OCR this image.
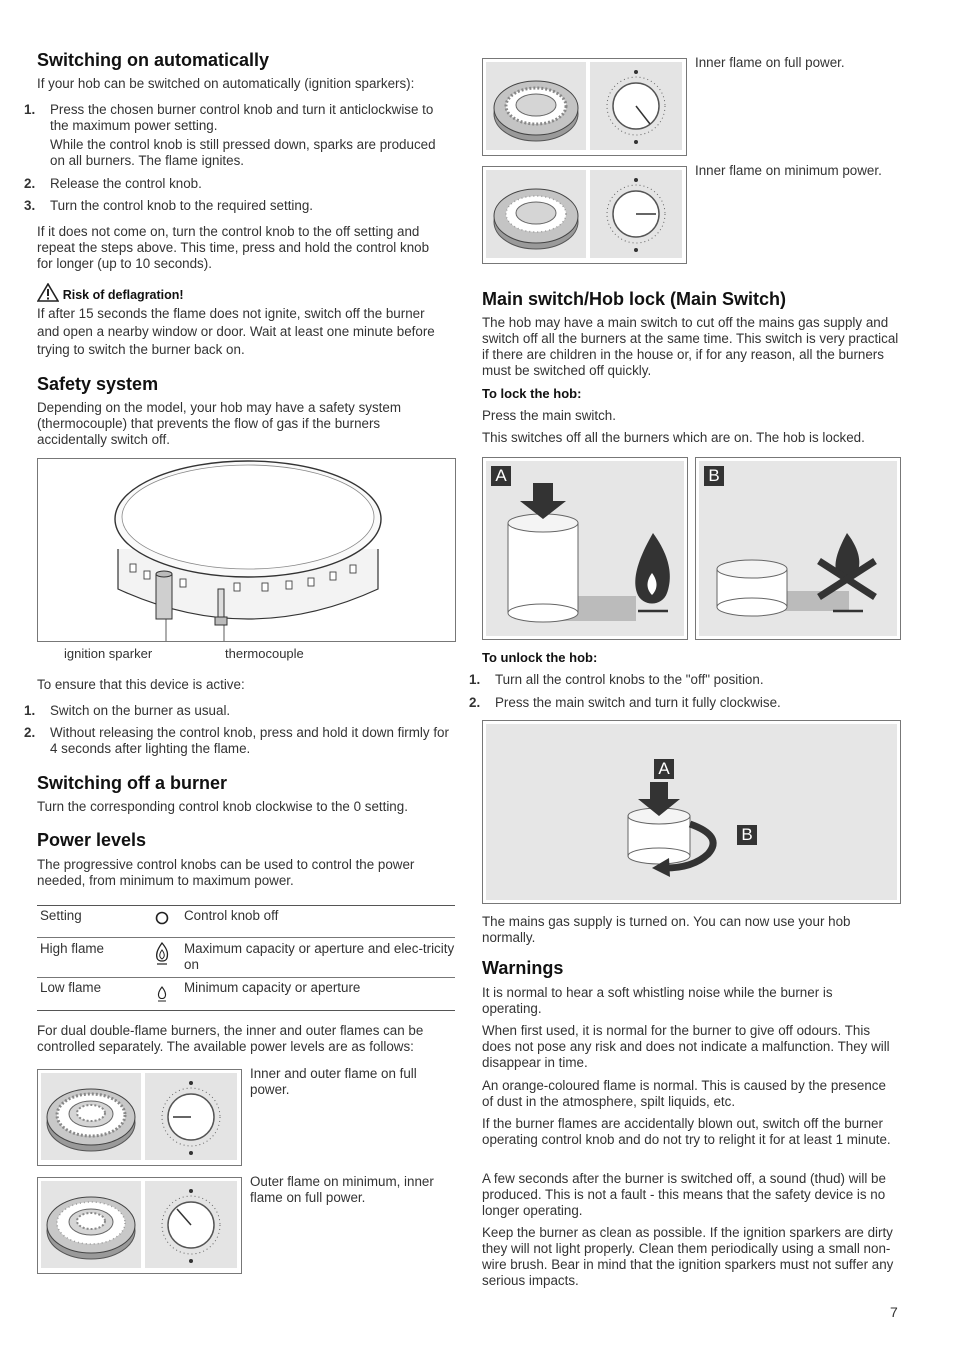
Switching on automatically

If your hob can be switched on automatically (ignition sparkers):

1. Press the chosen burner control knob and turn it anticlockwise to the maximum power setting.

While the control knob is still pressed down, sparks are produced on all burners. The flame ignites.

2. Release the control knob.
3. Turn the control knob to the required setting.

If it does not come on, turn the control knob to the off setting and repeat the steps above. This time, press and hold the control knob for longer (up to 10 seconds).

Risk of deflagration!

If after 15 seconds the flame does not ignite, switch off the burner and open a nearby window or door. Wait at least one minute before trying to switch the burner back on.

Safety system

Depending on the model, your hob may have a safety system (thermocouple) that prevents the flow of gas if the burners accidentally switch off.

ignition sparker	thermocouple

To ensure that this device is active:

1. Switch on the burner as usual.
2. Without releasing the control knob, press and hold it down firmly for 4 seconds after lighting the flame.
Switching off a burner

Turn the corresponding control knob clockwise to the 0 setting.

Power levels

The progressive control knobs can be used to control the power needed, from minimum to maximum power.

Setting	Control knob off
High flame	Maximum capacity or aperture and elec-tricity on
Low flame	Minimum capacity or aperture

For dual double-flame burners, the inner and outer flames can be controlled separately. The available power levels are as follows:

Inner and outer flame on full power.

Outer flame on minimum, inner flame on full power.

Inner flame on full power.

Inner flame on minimum power.

Main switch/Hob lock (Main Switch)

The hob may have a main switch to cut off the mains gas supply and switch off all the burners at the same time. This switch is very practical if there are children in the house or, if for any reason, all the burners must be switched off quickly.

To lock the hob:

Press the main switch.

This switches off all the burners which are on. The hob is locked.

A	B
To unlock the hob:
1. Turn all the control knobs to the "off" position.
2. Press the main switch and turn it fully clockwise.
A
B

The mains gas supply is turned on. You can now use your hob normally.

Warnings

It is normal to hear a soft whistling noise while the burner is operating.

When first used, it is normal for the burner to give off odours. This does not pose any risk and does not indicate a malfunction. They will disappear in time.

An orange-coloured flame is normal. This is caused by the presence of dust in the atmosphere, spilt liquids, etc.

If the burner flames are accidentally blown out, switch off the burner operating control knob and do not try to relight it for at least 1 minute.

A few seconds after the burner is switched off, a sound (thud) will be produced. This is not a fault - this means that the safety device is no longer operating.

Keep the burner as clean as possible. If the ignition sparkers are dirty they will not light properly. Clean them periodically using a small non-wire brush. Bear in mind that the ignition sparkers must not suffer any serious impacts.

7
